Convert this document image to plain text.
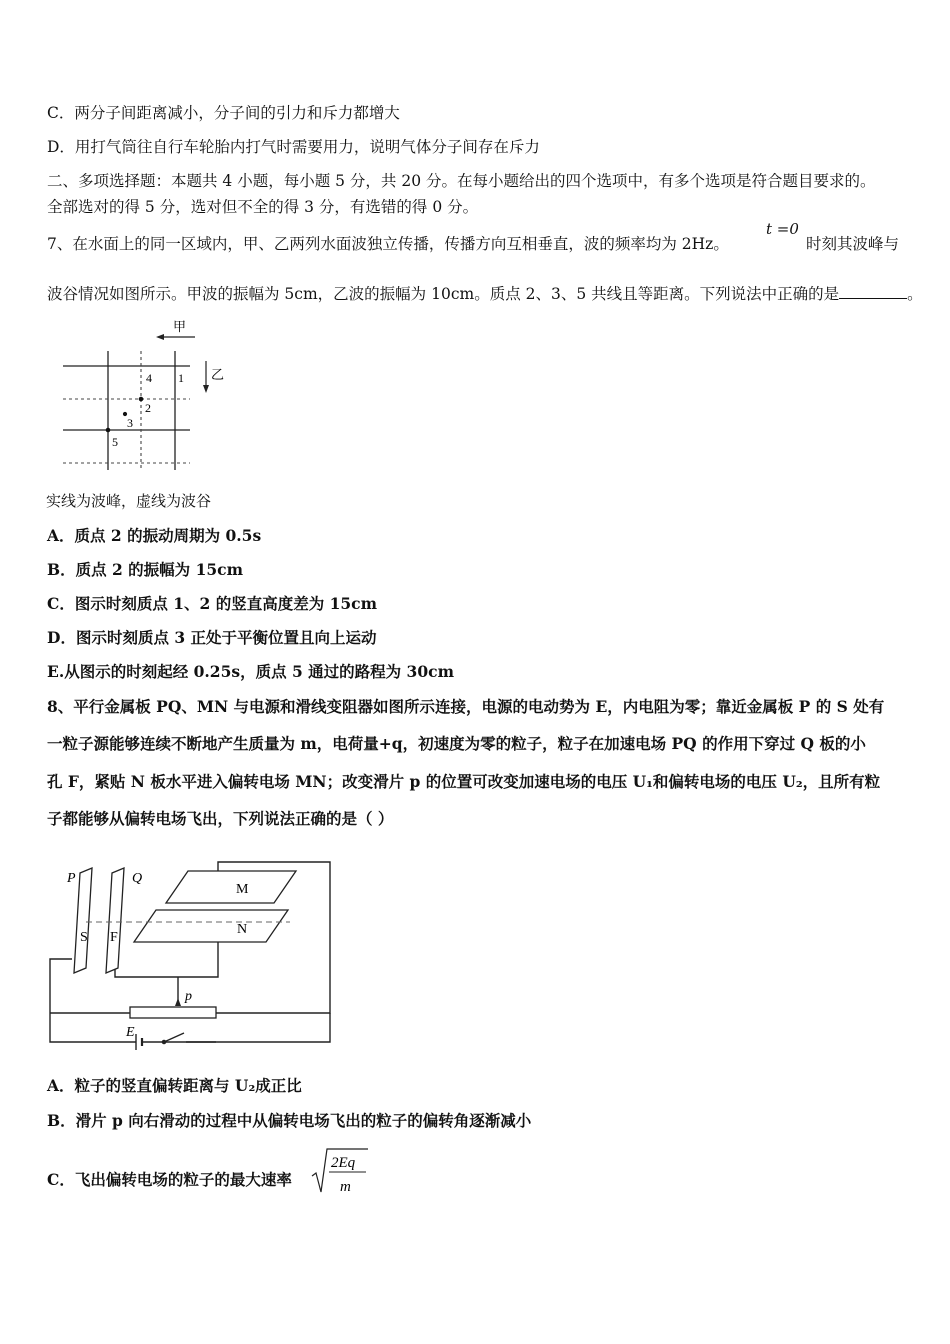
C．两分子间距离减小，分子间的引力和斥力都增大
D．用打气筒往自行车轮胎内打气时需要用力，说明气体分子间存在斥力
二、多项选择题：本题共 4 小题，每小题 5 分，共 20 分。在每小题给出的四个选项中，有多个选项是符合题目要求的。
全部选对的得 5 分，选对但不全的得 3 分，有选错的得 0 分。
7、在水面上的同一区域内，甲、乙两列水面波独立传播，传播方向互相垂直，波的频率均为 2Hz。
t =0
时刻其波峰与
波谷情况如图所示。甲波的振幅为 5cm，乙波的振幅为 10cm。质点 2、3、5 共线且等距离。下列说法中正确的是	。
甲
乙
4 1
2
3
5
实线为波峰，虚线为波谷
A．质点 2 的振动周期为 0.5s
B．质点 2 的振幅为 15cm
C．图示时刻质点 1、2 的竖直高度差为 15cm
D．图示时刻质点 3 正处于平衡位置且向上运动
E.从图示的时刻起经 0.25s，质点 5 通过的路程为 30cm
8、平行金属板 PQ、MN 与电源和滑线变阻器如图所示连接，电源的电动势为 E，内电阻为零；靠近金属板 P 的 S 处有
一粒子源能够连续不断地产生质量为 m，电荷量+q，初速度为零的粒子，粒子在加速电场 PQ 的作用下穿过 Q 板的小
孔 F，紧贴 N 板水平进入偏转电场 MN；改变滑片 p 的位置可改变加速电场的电压 U₁和偏转电场的电压 U₂，且所有粒
子都能够从偏转电场飞出，下列说法正确的是（ ）
P	Q
M
N
S F
p
E
A．粒子的竖直偏转距离与 U₂成正比
B．滑片 p 向右滑动的过程中从偏转电场飞出的粒子的偏转角逐渐减小
C．飞出偏转电场的粒子的最大速率
2Eq
m
